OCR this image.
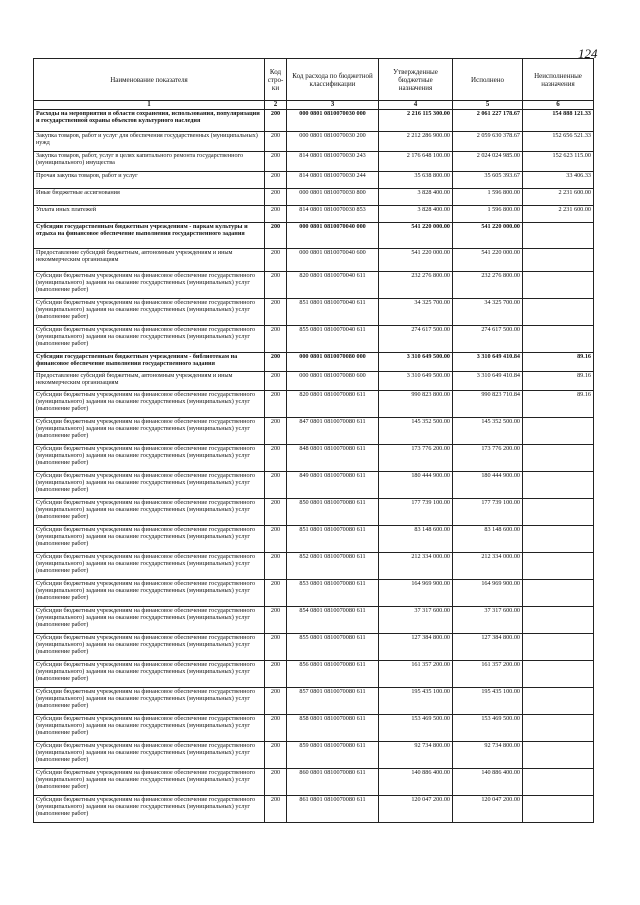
124
Наименование показателя	Код стро-ки	Код расхода по бюджетной классификации	Утвержденные бюджетные назначения	Исполнено	Неисполненные назначения
1	2	3	4	5	6
Расходы на мероприятия в области сохранения, использования, популяризации и государственной охраны объектов культурного наследия	200	000 0801 0810070030 000	2 216 115 300.00	2 061 227 178.67	154 888 121.33
Закупка товаров, работ и услуг для обеспечения государственных (муниципальных) нужд	200	000 0801 0810070030 200	2 212 286 900.00	2 059 630 378.67	152 656 521.33
Закупка товаров, работ, услуг в целях капитального ремонта государственного (муниципального) имущества	200	814 0801 0810070030 243	2 176 648 100.00	2 024 024 985.00	152 623 115.00
Прочая закупка товаров, работ и услуг	200	814 0801 0810070030 244	35 638 800.00	35 605 393.67	33 406.33
Иные бюджетные ассигнования	200	000 0801 0810070030 800	3 828 400.00	1 596 800.00	2 231 600.00
Уплата иных платежей	200	814 0801 0810070030 853	3 828 400.00	1 596 800.00	2 231 600.00
Субсидии государственным бюджетным учреждениям - паркам культуры и отдыха на финансовое обеспечение выполнения государственного задания	200	000 0801 0810070040 000	541 220 000.00	541 220 000.00	
Предоставление субсидий бюджетным, автономным учреждениям и иным некоммерческим организациям	200	000 0801 0810070040 600	541 220 000.00	541 220 000.00	
Субсидии бюджетным учреждениям на финансовое обеспечение государственного (муниципального) задания на оказание государственных (муниципальных) услуг (выполнение работ)	200	820 0801 0810070040 611	232 276 800.00	232 276 800.00	
Субсидии бюджетным учреждениям на финансовое обеспечение государственного (муниципального) задания на оказание государственных (муниципальных) услуг (выполнение работ)	200	851 0801 0810070040 611	34 325 700.00	34 325 700.00	
Субсидии бюджетным учреждениям на финансовое обеспечение государственного (муниципального) задания на оказание государственных (муниципальных) услуг (выполнение работ)	200	855 0801 0810070040 611	274 617 500.00	274 617 500.00	
Субсидии государственным бюджетным учреждениям - библиотекам на финансовое обеспечение выполнения государственного задания	200	000 0801 0810070080 000	3 310 649 500.00	3 310 649 410.84	89.16
Предоставление субсидий бюджетным, автономным учреждениям и иным некоммерческим организациям	200	000 0801 0810070080 600	3 310 649 500.00	3 310 649 410.84	89.16
Субсидии бюджетным учреждениям на финансовое обеспечение государственного (муниципального) задания на оказание государственных (муниципальных) услуг (выполнение работ)	200	820 0801 0810070080 611	990 823 800.00	990 823 710.84	89.16
Субсидии бюджетным учреждениям на финансовое обеспечение государственного (муниципального) задания на оказание государственных (муниципальных) услуг (выполнение работ)	200	847 0801 0810070080 611	145 352 500.00	145 352 500.00	
Субсидии бюджетным учреждениям на финансовое обеспечение государственного (муниципального) задания на оказание государственных (муниципальных) услуг (выполнение работ)	200	848 0801 0810070080 611	173 776 200.00	173 776 200.00	
Субсидии бюджетным учреждениям на финансовое обеспечение государственного (муниципального) задания на оказание государственных (муниципальных) услуг (выполнение работ)	200	849 0801 0810070080 611	180 444 900.00	180 444 900.00	
Субсидии бюджетным учреждениям на финансовое обеспечение государственного (муниципального) задания на оказание государственных (муниципальных) услуг (выполнение работ)	200	850 0801 0810070080 611	177 739 100.00	177 739 100.00	
Субсидии бюджетным учреждениям на финансовое обеспечение государственного (муниципального) задания на оказание государственных (муниципальных) услуг (выполнение работ)	200	851 0801 0810070080 611	83 148 600.00	83 148 600.00	
Субсидии бюджетным учреждениям на финансовое обеспечение государственного (муниципального) задания на оказание государственных (муниципальных) услуг (выполнение работ)	200	852 0801 0810070080 611	212 334 000.00	212 334 000.00	
Субсидии бюджетным учреждениям на финансовое обеспечение государственного (муниципального) задания на оказание государственных (муниципальных) услуг (выполнение работ)	200	853 0801 0810070080 611	164 969 900.00	164 969 900.00	
Субсидии бюджетным учреждениям на финансовое обеспечение государственного (муниципального) задания на оказание государственных (муниципальных) услуг (выполнение работ)	200	854 0801 0810070080 611	37 317 600.00	37 317 600.00	
Субсидии бюджетным учреждениям на финансовое обеспечение государственного (муниципального) задания на оказание государственных (муниципальных) услуг (выполнение работ)	200	855 0801 0810070080 611	127 384 800.00	127 384 800.00	
Субсидии бюджетным учреждениям на финансовое обеспечение государственного (муниципального) задания на оказание государственных (муниципальных) услуг (выполнение работ)	200	856 0801 0810070080 611	161 357 200.00	161 357 200.00	
Субсидии бюджетным учреждениям на финансовое обеспечение государственного (муниципального) задания на оказание государственных (муниципальных) услуг (выполнение работ)	200	857 0801 0810070080 611	195 435 100.00	195 435 100.00	
Субсидии бюджетным учреждениям на финансовое обеспечение государственного (муниципального) задания на оказание государственных (муниципальных) услуг (выполнение работ)	200	858 0801 0810070080 611	153 469 500.00	153 469 500.00	
Субсидии бюджетным учреждениям на финансовое обеспечение государственного (муниципального) задания на оказание государственных (муниципальных) услуг (выполнение работ)	200	859 0801 0810070080 611	92 734 800.00	92 734 800.00	
Субсидии бюджетным учреждениям на финансовое обеспечение государственного (муниципального) задания на оказание государственных (муниципальных) услуг (выполнение работ)	200	860 0801 0810070080 611	140 886 400.00	140 886 400.00	
Субсидии бюджетным учреждениям на финансовое обеспечение государственного (муниципального) задания на оказание государственных (муниципальных) услуг (выполнение работ)	200	861 0801 0810070080 611	120 047 200.00	120 047 200.00	
